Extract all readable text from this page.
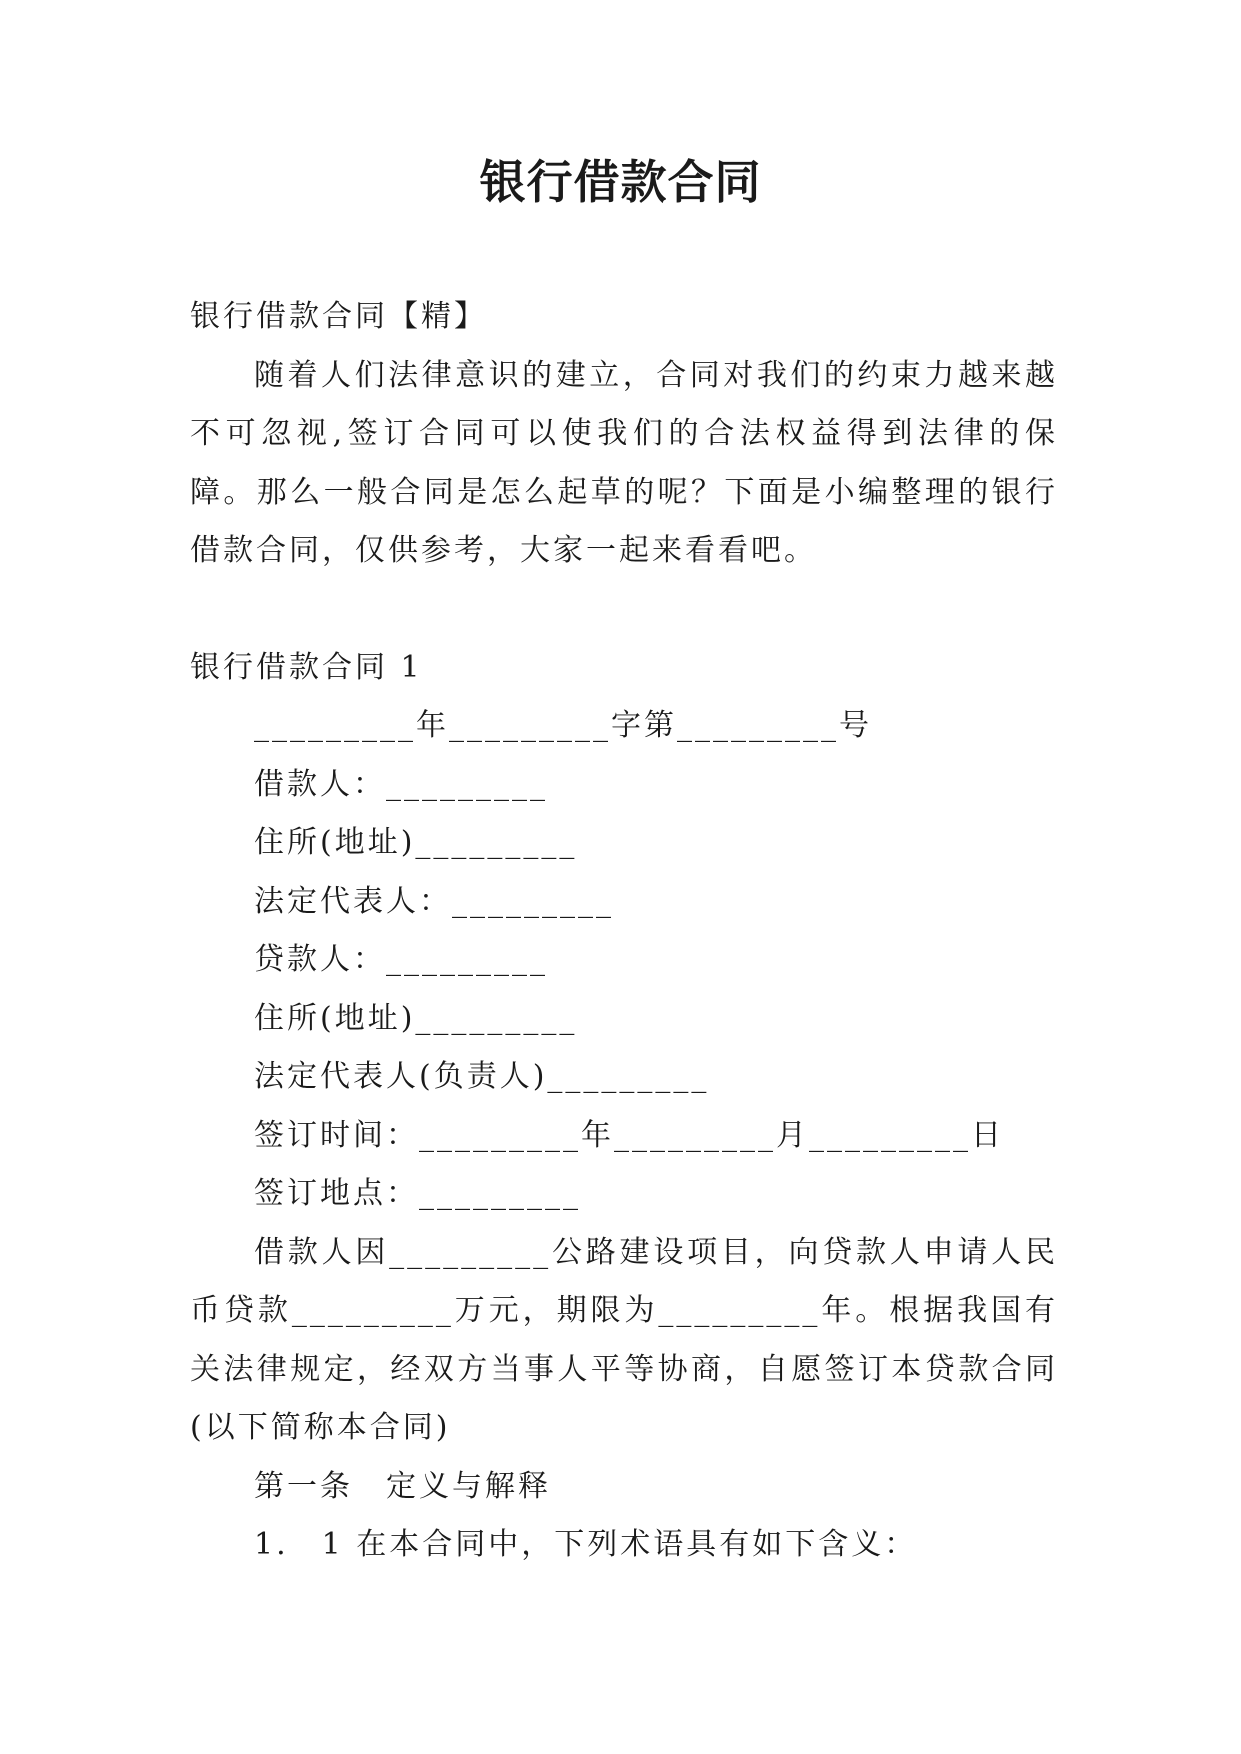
银行借款合同

银行借款合同【精】

随着人们法律意识的建立，合同对我们的约束力越来越不可忽视,签订合同可以使我们的合法权益得到法律的保障。那么一般合同是怎么起草的呢？下面是小编整理的银行借款合同，仅供参考，大家一起来看看吧。

银行借款合同 1

_________年_________字第_________号

借款人：_________

住所(地址)_________

法定代表人：_________

贷款人：_________

住所(地址)_________

法定代表人(负责人)_________

签订时间：_________年_________月_________日

签订地点：_________

借款人因_________公路建设项目，向贷款人申请人民币贷款_________万元，期限为_________年。根据我国有关法律规定，经双方当事人平等协商，自愿签订本贷款合同(以下简称本合同)

第一条　定义与解释

1.　1 在本合同中，下列术语具有如下含义：
